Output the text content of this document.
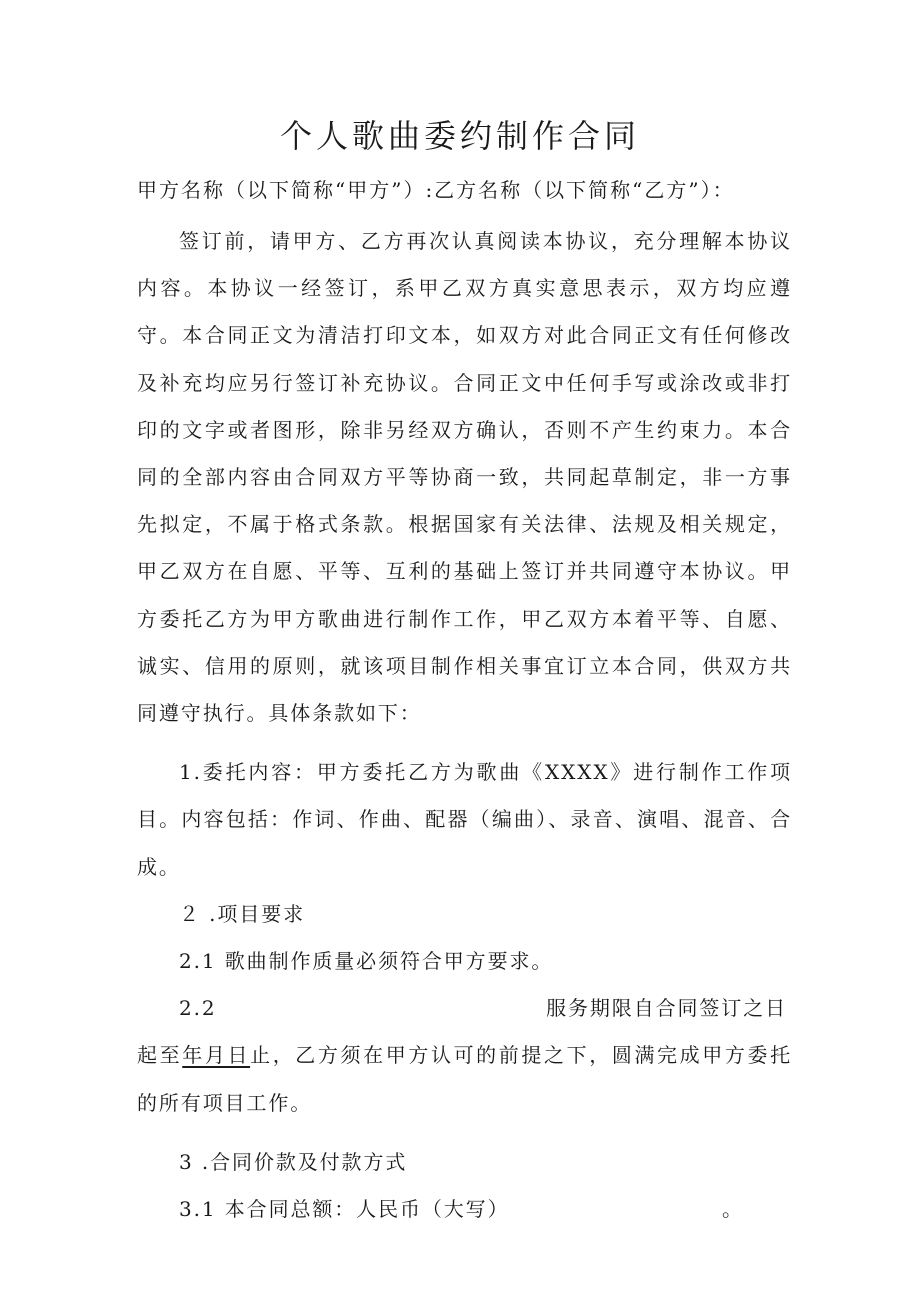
个人歌曲委约制作合同
甲方名称（以下简称“甲方”）:乙方名称（以下简称“乙方”）：

签订前，请甲方、乙方再次认真阅读本协议，充分理解本协议内容。本协议一经签订，系甲乙双方真实意思表示，双方均应遵守。本合同正文为清洁打印文本，如双方对此合同正文有任何修改及补充均应另行签订补充协议。合同正文中任何手写或涂改或非打印的文字或者图形，除非另经双方确认，否则不产生约束力。本合同的全部内容由合同双方平等协商一致，共同起草制定，非一方事先拟定，不属于格式条款。根据国家有关法律、法规及相关规定，甲乙双方在自愿、平等、互利的基础上签订并共同遵守本协议。甲方委托乙方为甲方歌曲进行制作工作，甲乙双方本着平等、自愿、诚实、信用的原则，就该项目制作相关事宜订立本合同，供双方共同遵守执行。具体条款如下：

1.委托内容：甲方委托乙方为歌曲《XXXX》进行制作工作项目。内容包括：作词、作曲、配器（编曲）、录音、演唱、混音、合成。

２ .项目要求

2.1 歌曲制作质量必须符合甲方要求。

2.2	服务期限自合同签订之日

起至年月日止，乙方须在甲方认可的前提之下，圆满完成甲方委托的所有项目工作。

3 .合同价款及付款方式

3.1 本合同总额：人民币（大写）	。
